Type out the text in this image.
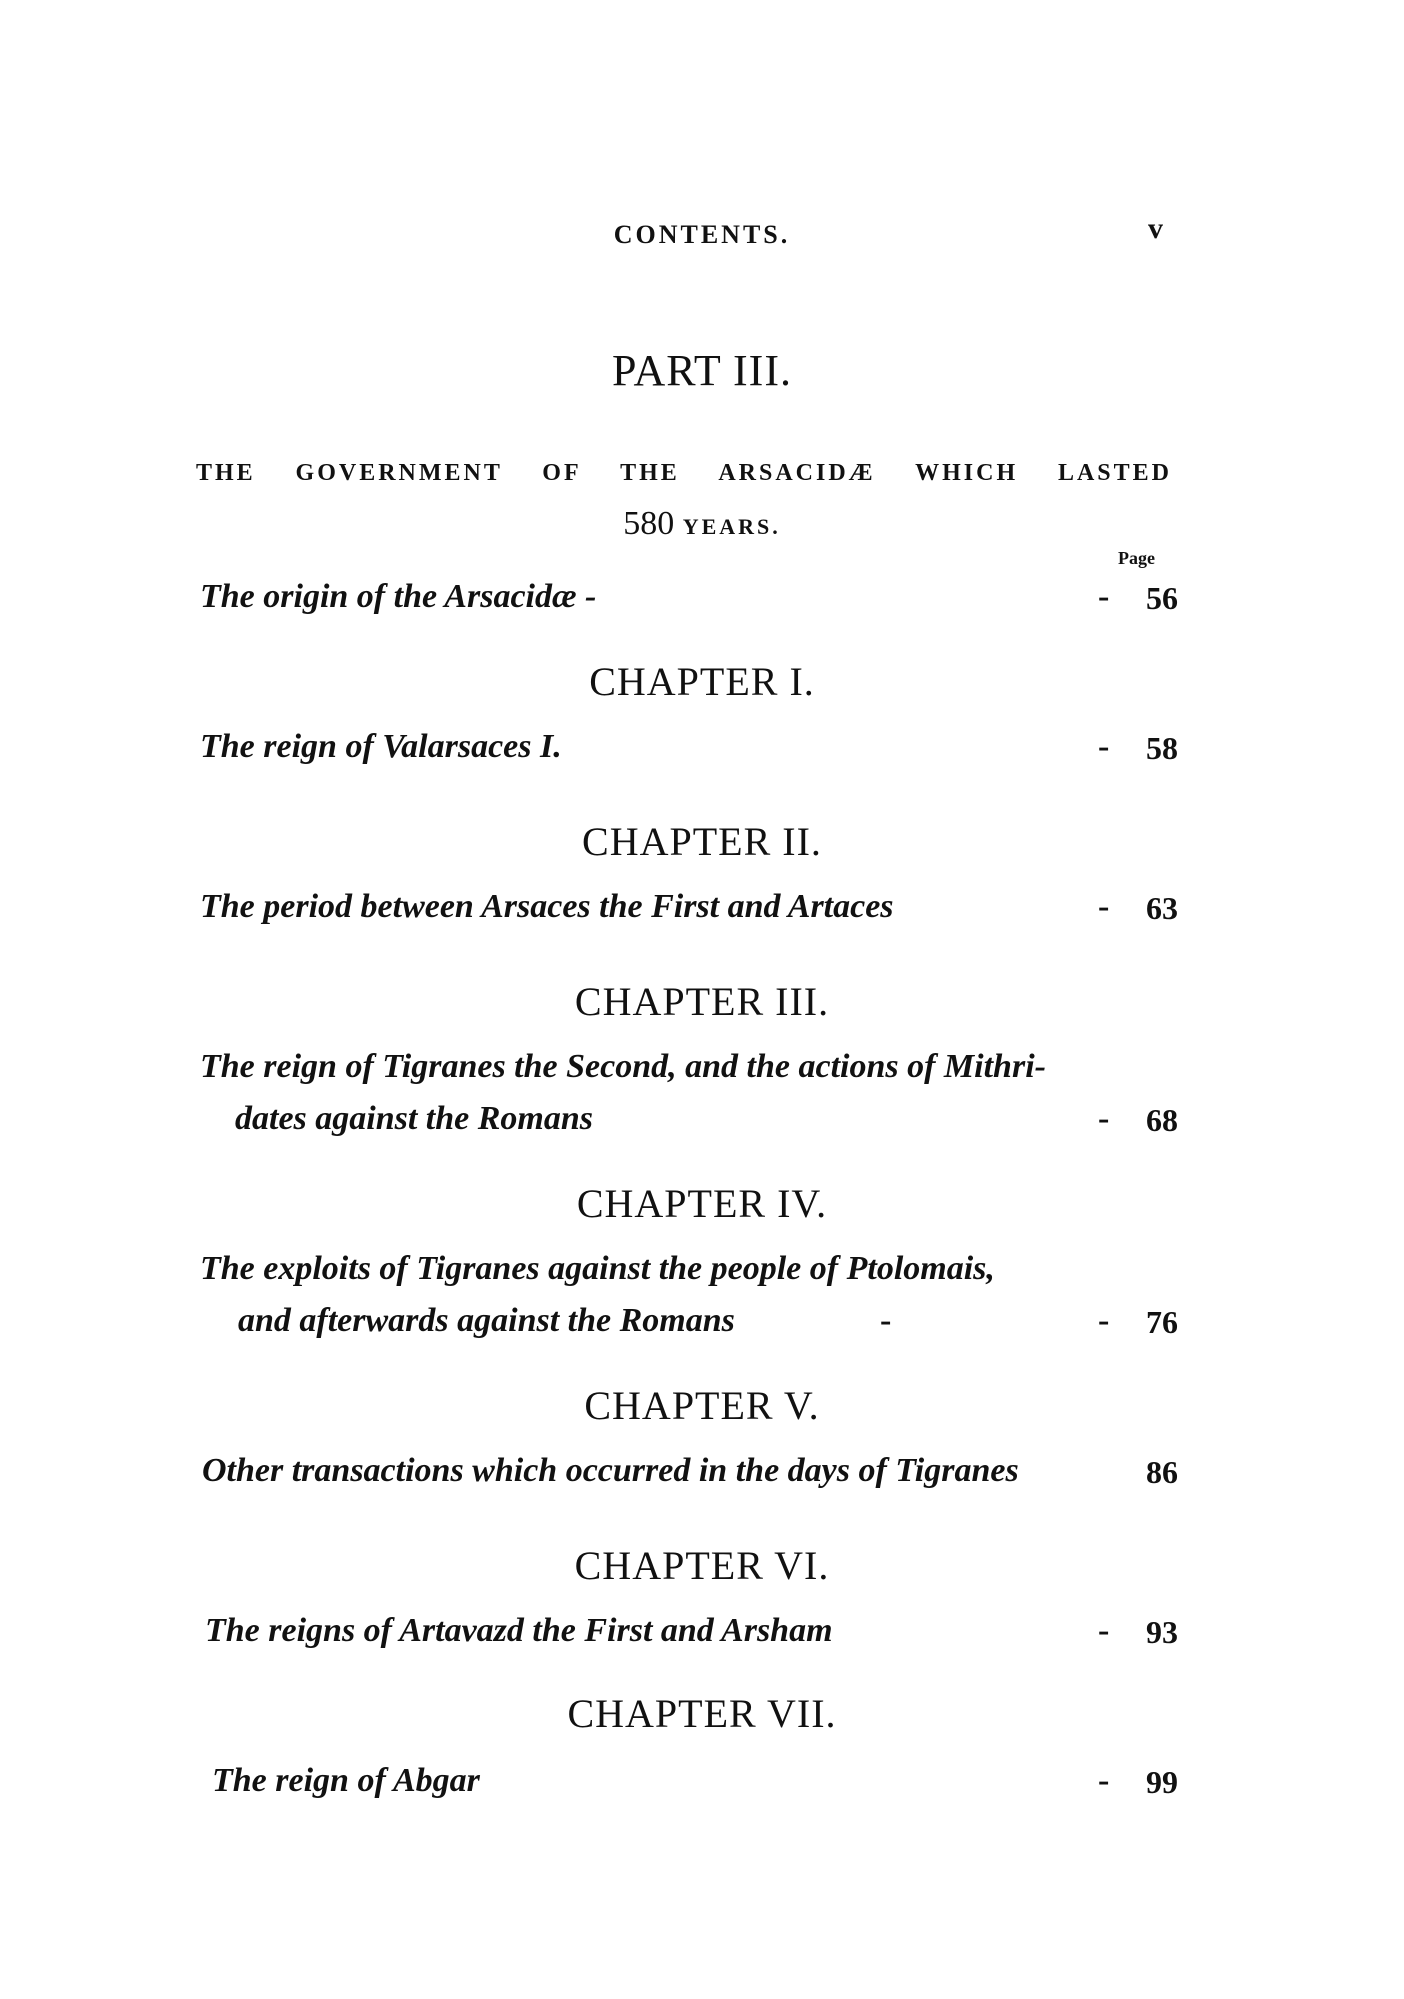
CONTENTS.	v
PART III.
THE GOVERNMENT OF THE ARSACIDÆ WHICH LASTED
580 YEARS.
Page
The origin of the Arsacidæ -	-	56
CHAPTER I.
The reign of Valarsaces I.	-	58
CHAPTER II.
The period between Arsaces the First and Artaces	-	63
CHAPTER III.
The reign of Tigranes the Second, and the actions of Mithri-
dates against the Romans	-	68
CHAPTER IV.
The exploits of Tigranes against the people of Ptolomais,
and afterwards against the Romans	-	-	76
CHAPTER V.
Other transactions which occurred in the days of Tigranes	86
CHAPTER VI.
The reigns of Artavazd the First and Arsham	-	93
CHAPTER VII.
The reign of Abgar	-	99
